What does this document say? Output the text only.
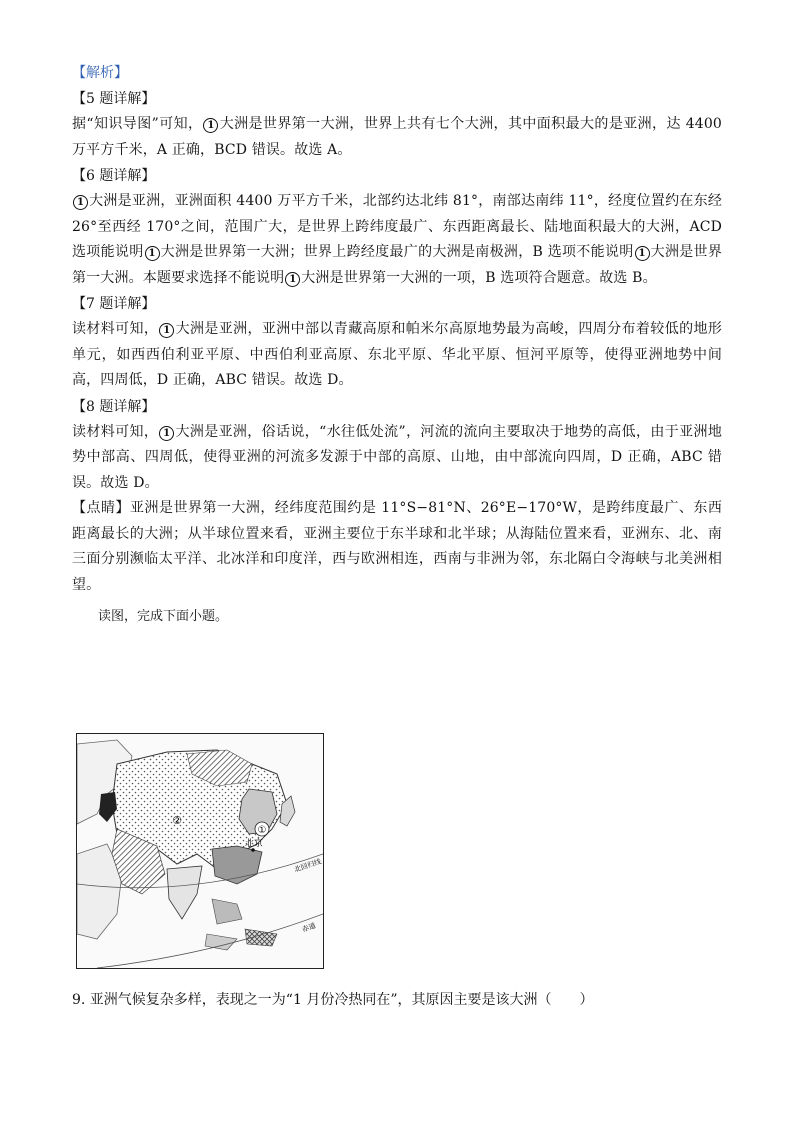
【解析】

【5 题详解】

据“知识导图”可知， 1 大洲是世界第一大洲，世界上共有七个大洲，其中面积最大的是亚洲，达 4400 万平方千米，A 正确，BCD 错误。故选 A。

【6 题详解】

1 大洲是亚洲，亚洲面积 4400 万平方千米，北部约达北纬 81°，南部达南纬 11°，经度位置约在东经 26°至西经 170°之间，范围广大，是世界上跨纬度最广、东西距离最长、陆地面积最大的大洲，ACD 选项能说明 1 大洲是世界第一大洲；世界上跨经度最广的大洲是南极洲，B 选项不能说明 1 大洲是世界第一大洲。本题要求选择不能说明 1 大洲是世界第一大洲的一项，B 选项符合题意。故选 B。

【7 题详解】

读材料可知， 1 大洲是亚洲，亚洲中部以青藏高原和帕米尔高原地势最为高峻，四周分布着较低的地形单元，如西西伯利亚平原、中西伯利亚高原、东北平原、华北平原、恒河平原等，使得亚洲地势中间高，四周低，D 正确，ABC 错误。故选 D。

【8 题详解】

读材料可知， 1 大洲是亚洲，俗话说，“水往低处流”，河流的流向主要取决于地势的高低，由于亚洲地势中部高、四周低，使得亚洲的河流多发源于中部的高原、山地，由中部流向四周，D 正确，ABC 错误。故选 D。

【点睛】亚洲是世界第一大洲，经纬度范围约是 11°S−81°N、26°E−170°W，是跨纬度最广、东西距离最长的大洲；从半球位置来看，亚洲主要位于东半球和北半球；从海陆位置来看，亚洲东、北、南三面分别濒临太平洋、北冰洋和印度洋，西与欧洲相连，西南与非洲为邻，东北隔白令海峡与北美洲相望。

读图，完成下面小题。

①
②
北京
北回归线
赤道

9. 亚洲气候复杂多样，表现之一为“1 月份冷热同在”，其原因主要是该大洲（　　）
